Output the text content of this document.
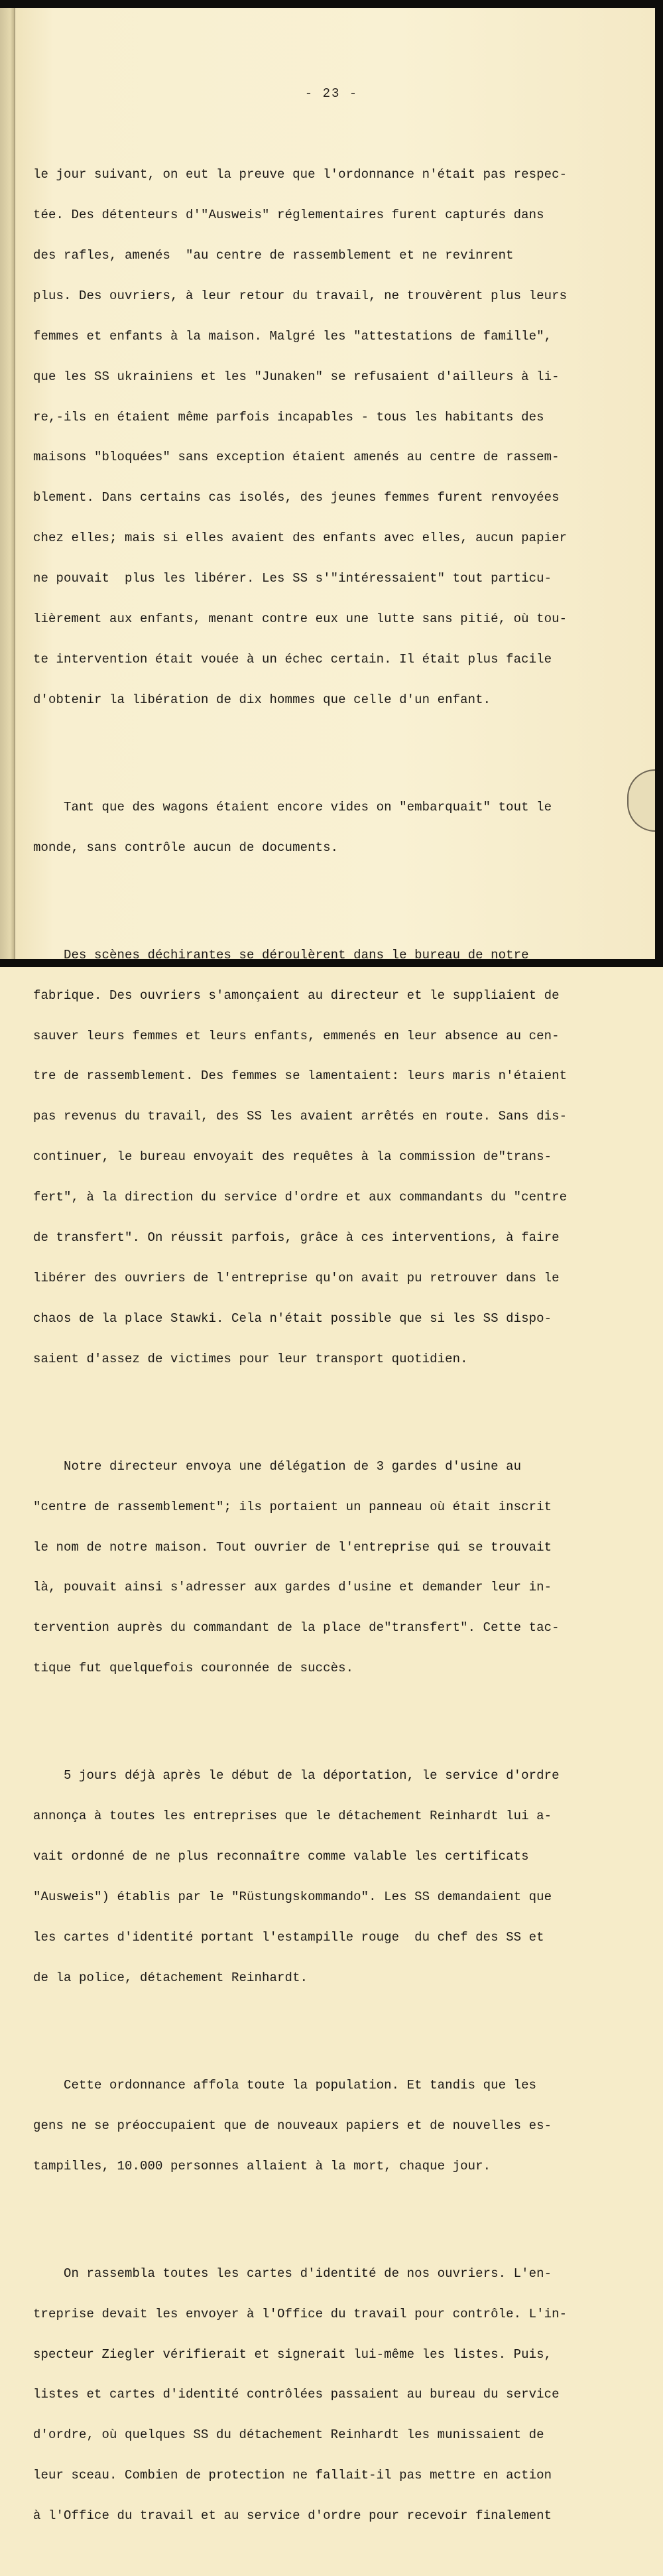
- 23 -

le jour suivant, on eut la preuve que l'ordonnance n'était pas respec-

tée. Des détenteurs d'"Ausweis" réglementaires furent capturés dans

des rafles, amenés  "au centre de rassemblement et ne revinrent

plus. Des ouvriers, à leur retour du travail, ne trouvèrent plus leurs

femmes et enfants à la maison. Malgré les "attestations de famille",

que les SS ukrainiens et les "Junaken" se refusaient d'ailleurs à li-

re,-ils en étaient même parfois incapables - tous les habitants des

maisons "bloquées" sans exception étaient amenés au centre de rassem-

blement. Dans certains cas isolés, des jeunes femmes furent renvoyées

chez elles; mais si elles avaient des enfants avec elles, aucun papier

ne pouvait  plus les libérer. Les SS s'"intéressaient" tout particu-

lièrement aux enfants, menant contre eux une lutte sans pitié, où tou-

te intervention était vouée à un échec certain. Il était plus facile

d'obtenir la libération de dix hommes que celle d'un enfant.

Tant que des wagons étaient encore vides on "embarquait" tout le

monde, sans contrôle aucun de documents.

Des scènes déchirantes se déroulèrent dans le bureau de notre

fabrique. Des ouvriers s'amonçaient au directeur et le suppliaient de

sauver leurs femmes et leurs enfants, emmenés en leur absence au cen-

tre de rassemblement. Des femmes se lamentaient: leurs maris n'étaient

pas revenus du travail, des SS les avaient arrêtés en route. Sans dis-

continuer, le bureau envoyait des requêtes à la commission de"trans-

fert", à la direction du service d'ordre et aux commandants du "centre

de transfert". On réussit parfois, grâce à ces interventions, à faire

libérer des ouvriers de l'entreprise qu'on avait pu retrouver dans le

chaos de la place Stawki. Cela n'était possible que si les SS dispo-

saient d'assez de victimes pour leur transport quotidien.

Notre directeur envoya une délégation de 3 gardes d'usine au

"centre de rassemblement"; ils portaient un panneau où était inscrit

le nom de notre maison. Tout ouvrier de l'entreprise qui se trouvait

là, pouvait ainsi s'adresser aux gardes d'usine et demander leur in-

tervention auprès du commandant de la place de"transfert". Cette tac-

tique fut quelquefois couronnée de succès.

5 jours déjà après le début de la déportation, le service d'ordre

annonça à toutes les entreprises que le détachement Reinhardt lui a-

vait ordonné de ne plus reconnaître comme valable les certificats

"Ausweis") établis par le "Rüstungskommando". Les SS demandaient que

les cartes d'identité portant l'estampille rouge  du chef des SS et

de la police, détachement Reinhardt.

Cette ordonnance affola toute la population. Et tandis que les

gens ne se préoccupaient que de nouveaux papiers et de nouvelles es-

tampilles, 10.000 personnes allaient à la mort, chaque jour.

On rassembla toutes les cartes d'identité de nos ouvriers. L'en-

treprise devait les envoyer à l'Office du travail pour contrôle. L'in-

specteur Ziegler vérifierait et signerait lui-même les listes. Puis,

listes et cartes d'identité contrôlées passaient au bureau du service

d'ordre, où quelques SS du détachement Reinhardt les munissaient de

leur sceau. Combien de protection ne fallait-il pas mettre en action

à l'Office du travail et au service d'ordre pour recevoir finalement
